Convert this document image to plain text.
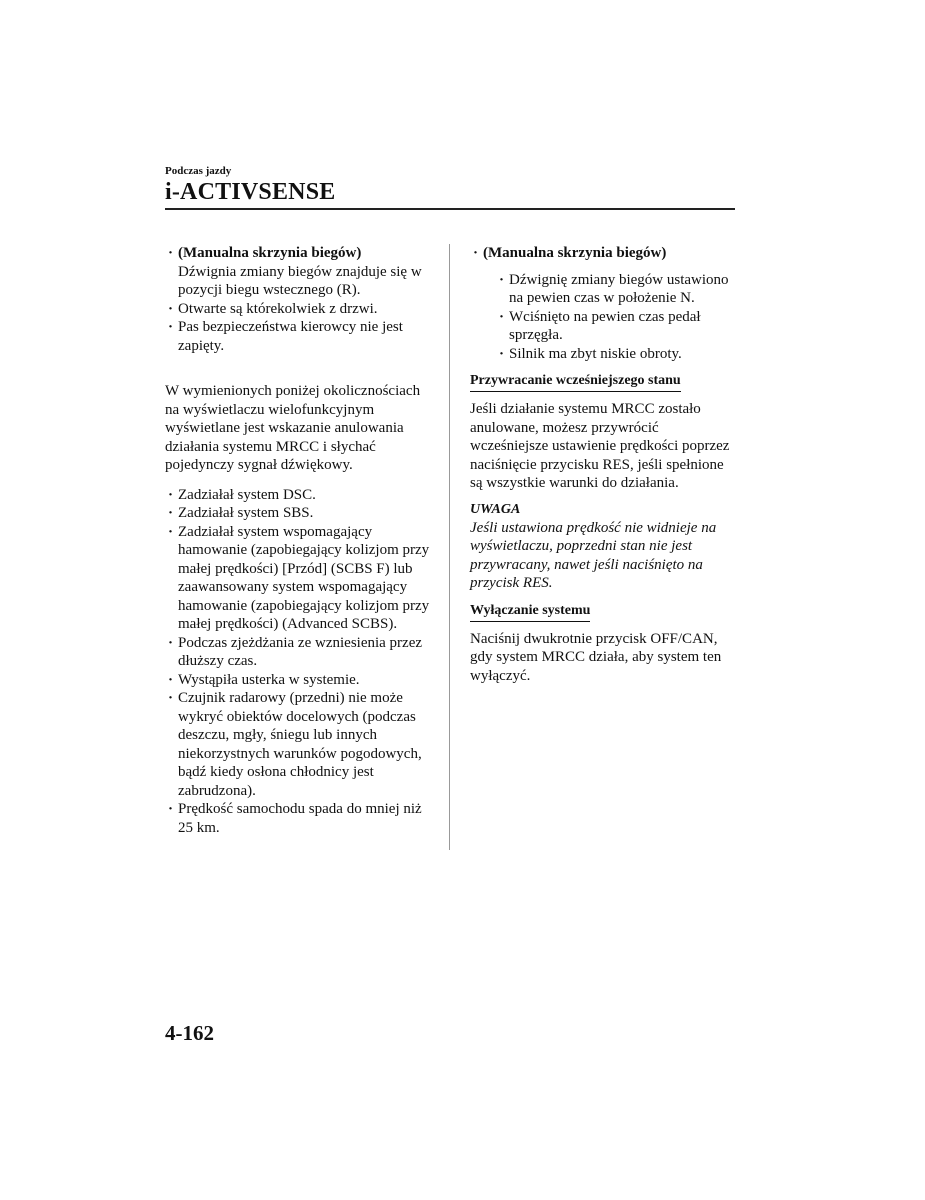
Podczas jazdy
i-ACTIVSENSE
· (Manualna skrzynia biegów)
Dźwignia zmiany biegów znajduje się w pozycji biegu wstecznego (R).
· Otwarte są którekolwiek z drzwi.
· Pas bezpieczeństwa kierowcy nie jest zapięty.

W wymienionych poniżej okolicznościach na wyświetlaczu wielofunkcyjnym wyświetlane jest wskazanie anulowania działania systemu MRCC i słychać pojedynczy sygnał dźwiękowy.

· Zadziałał system DSC.
· Zadziałał system SBS.
· Zadziałał system wspomagający hamowanie (zapobiegający kolizjom przy małej prędkości) [Przód] (SCBS F) lub zaawansowany system wspomagający hamowanie (zapobiegający kolizjom przy małej prędkości) (Advanced SCBS).
· Podczas zjeżdżania ze wzniesienia przez dłuższy czas.
· Wystąpiła usterka w systemie.
· Czujnik radarowy (przedni) nie może wykryć obiektów docelowych (podczas deszczu, mgły, śniegu lub innych niekorzystnych warunków pogodowych, bądź kiedy osłona chłodnicy jest zabrudzona).
· Prędkość samochodu spada do mniej niż 25 km.
· (Manualna skrzynia biegów)
· Dźwignię zmiany biegów ustawiono na pewien czas w położenie N.
· Wciśnięto na pewien czas pedał sprzęgła.
· Silnik ma zbyt niskie obroty.
Przywracanie wcześniejszego stanu

Jeśli działanie systemu MRCC zostało anulowane, możesz przywrócić wcześniejsze ustawienie prędkości poprzez naciśnięcie przycisku RES, jeśli spełnione są wszystkie warunki do działania.

UWAGA

Jeśli ustawiona prędkość nie widnieje na wyświetlaczu, poprzedni stan nie jest przywracany, nawet jeśli naciśnięto na przycisk RES.

Wyłączanie systemu

Naciśnij dwukrotnie przycisk OFF/CAN, gdy system MRCC działa, aby system ten wyłączyć.

4-162
